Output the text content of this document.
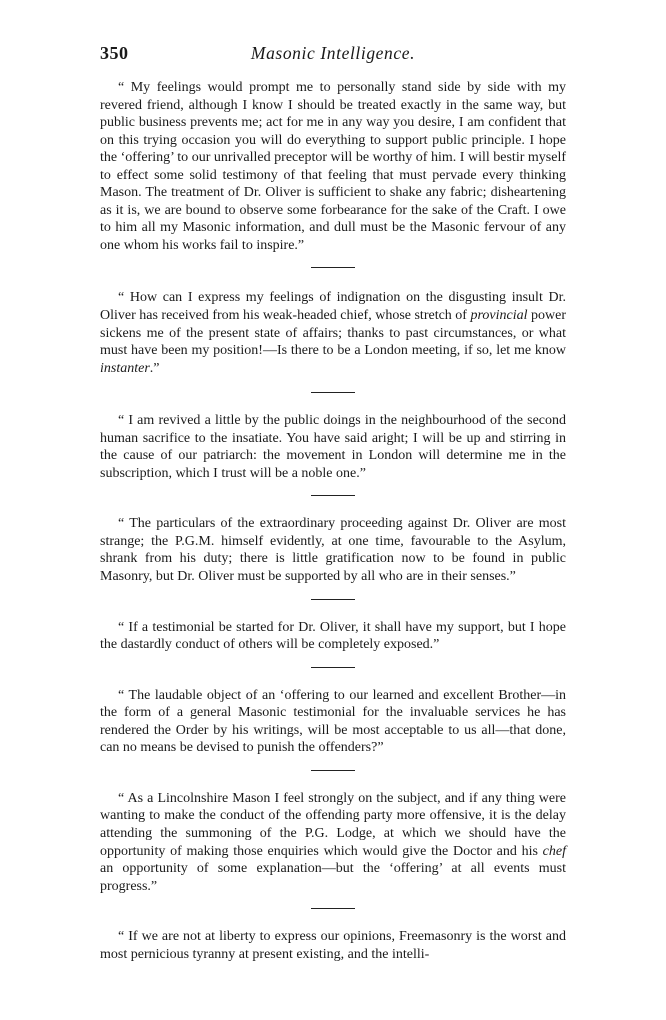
350	Masonic Intelligence.

“ My feelings would prompt me to personally stand side by side with my revered friend, although I know I should be treated exactly in the same way, but public business prevents me; act for me in any way you desire, I am confident that on this trying occasion you will do everything to support public principle. I hope the ‘offering’ to our unrivalled preceptor will be worthy of him. I will bestir myself to effect some solid testimony of that feeling that must pervade every thinking Mason. The treatment of Dr. Oliver is sufficient to shake any fabric; disheartening as it is, we are bound to observe some forbearance for the sake of the Craft. I owe to him all my Masonic information, and dull must be the Masonic fervour of any one whom his works fail to inspire.”

“ How can I express my feelings of indignation on the disgusting insult Dr. Oliver has received from his weak-headed chief, whose stretch of provincial power sickens me of the present state of affairs; thanks to past circumstances, or what must have been my position!—Is there to be a London meeting, if so, let me know instanter.”

“ I am revived a little by the public doings in the neighbourhood of the second human sacrifice to the insatiate. You have said aright; I will be up and stirring in the cause of our patriarch: the movement in London will determine me in the subscription, which I trust will be a noble one.”

“ The particulars of the extraordinary proceeding against Dr. Oliver are most strange; the P.G.M. himself evidently, at one time, favourable to the Asylum, shrank from his duty; there is little gratification now to be found in public Masonry, but Dr. Oliver must be supported by all who are in their senses.”

“ If a testimonial be started for Dr. Oliver, it shall have my support, but I hope the dastardly conduct of others will be completely exposed.”

“ The laudable object of an ‘offering to our learned and excellent Brother—in the form of a general Masonic testimonial for the invaluable services he has rendered the Order by his writings, will be most acceptable to us all—that done, can no means be devised to punish the offenders?”

“ As a Lincolnshire Mason I feel strongly on the subject, and if any thing were wanting to make the conduct of the offending party more offensive, it is the delay attending the summoning of the P.G. Lodge, at which we should have the opportunity of making those enquiries which would give the Doctor and his chef an opportunity of some explanation—but the ‘offering’ at all events must progress.”

“ If we are not at liberty to express our opinions, Freemasonry is the worst and most pernicious tyranny at present existing, and the intelli-
